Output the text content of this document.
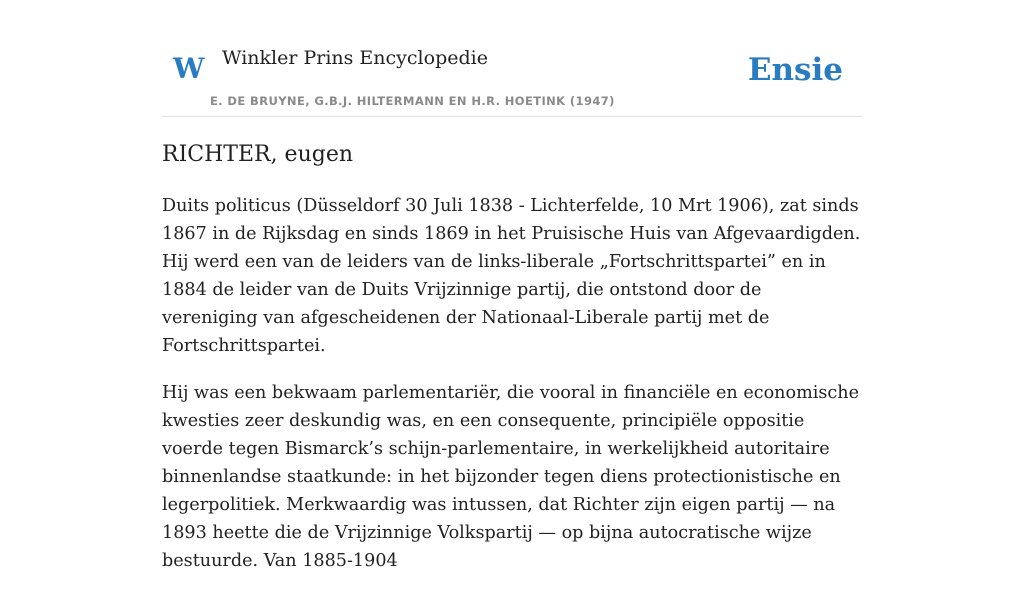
W Winkler Prins Encyclopedie
E. DE BRUYNE, G.B.J. HILTERMANN EN H.R. HOETINK (1947)
Ensie
RICHTER, eugen

Duits politicus (Düsseldorf 30 Juli 1838 - Lichterfelde, 10 Mrt 1906), zat sinds 1867 in de Rijksdag en sinds 1869 in het Pruisische Huis van Afgevaardigden. Hij werd een van de leiders van de links-liberale „Fortschrittspartei” en in 1884 de leider van de Duits Vrijzinnige partij, die ontstond door de vereniging van afgescheidenen der Nationaal-Liberale partij met de Fortschrittspartei.

Hij was een bekwaam parlementariër, die vooral in financiële en economische kwesties zeer deskundig was, en een consequente, principiële oppositie voerde tegen Bismarck’s schijn-parlementaire, in werkelijkheid autoritaire binnenlandse staatkunde: in het bijzonder tegen diens protectionistische en legerpolitiek. Merkwaardig was intussen, dat Richter zijn eigen partij — na 1893 heette die de Vrijzinnige Volkspartij — op bijna autocratische wijze bestuurde. Van 1885-1904
